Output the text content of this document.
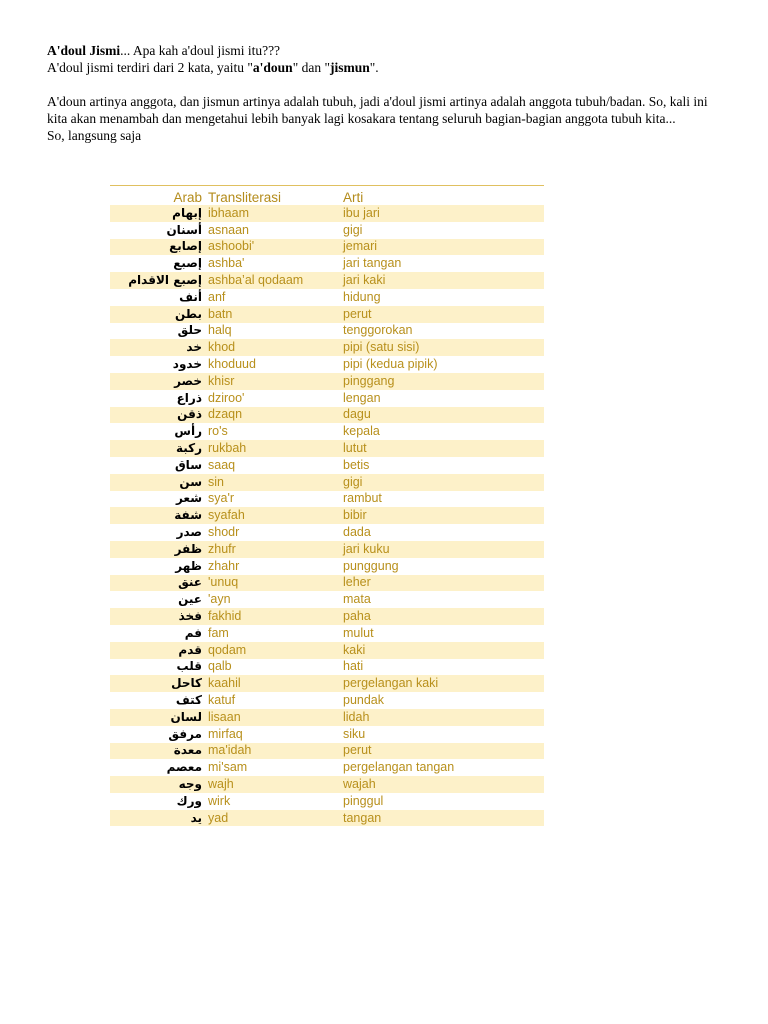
A'doul Jismi... Apa kah a'doul jismi itu???

A'doul jismi terdiri dari 2 kata, yaitu "a'doun" dan "jismun".

A'doun artinya anggota, dan jismun artinya adalah tubuh, jadi a'doul jismi artinya adalah anggota tubuh/badan. So, kali ini kita akan menambah dan mengetahui lebih banyak lagi kosakara tentang seluruh bagian-bagian anggota tubuh kita...

So, langsung saja

Arab	Transliterasi	Arti
إبهام	ibhaam	ibu jari
أسنان	asnaan	gigi
إصابع	ashoobi'	jemari
إصبع	ashba'	jari tangan
إصبع الاقدام	ashba’al qodaam	jari kaki
أنف	anf	hidung
بطن	batn	perut
حلق	halq	tenggorokan
خد	khod	pipi (satu sisi)
خدود	khoduud	pipi (kedua pipik)
خصر	khisr	pinggang
ذراع	dziroo'	lengan
ذقن	dzaqn	dagu
رأس	ro's	kepala
ركبة	rukbah	lutut
ساق	saaq	betis
سن	sin	gigi
شعر	sya'r	rambut
شفة	syafah	bibir
صدر	shodr	dada
ظفر	zhufr	jari kuku
ظهر	zhahr	punggung
عنق	'unuq	leher
عين	'ayn	mata
فخذ	fakhid	paha
فم	fam	mulut
قدم	qodam	kaki
قلب	qalb	hati
كاحل	kaahil	pergelangan kaki
كتف	katuf	pundak
لسان	lisaan	lidah
مرفق	mirfaq	siku
معدة	ma'idah	perut
معصم	mi'sam	pergelangan tangan
وجه	wajh	wajah
ورك	wirk	pinggul
يد	yad	tangan
